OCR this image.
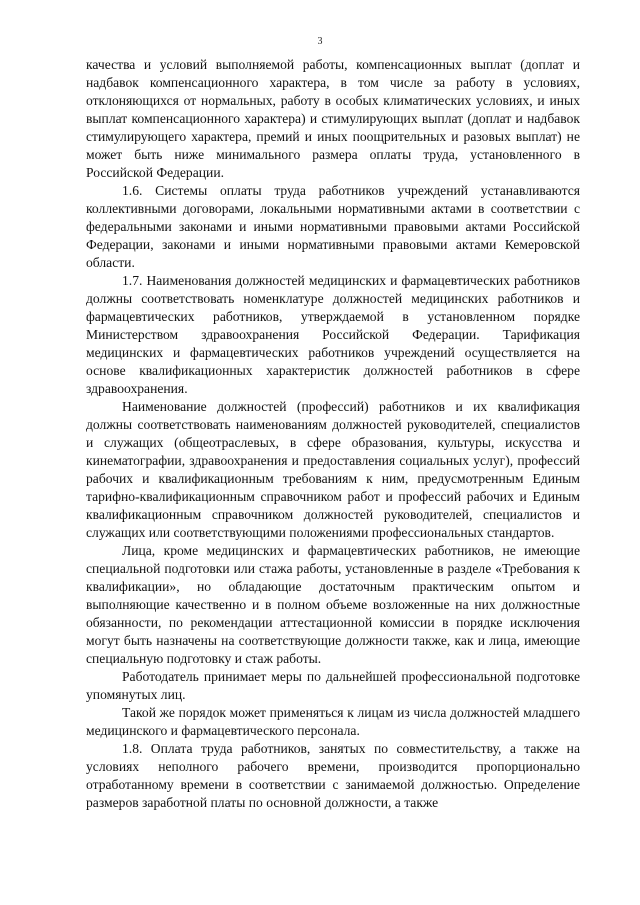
3

качества и условий выполняемой работы, компенсационных выплат (доплат и надбавок компенсационного характера, в том числе за работу в условиях, отклоняющихся от нормальных, работу в особых климатических условиях, и иных выплат компенсационного характера) и стимулирующих выплат (доплат и надбавок стимулирующего характера, премий и иных поощрительных и разовых выплат) не может быть ниже минимального размера оплаты труда, установленного в Российской Федерации.

1.6. Системы оплаты труда работников учреждений устанавливаются коллективными договорами, локальными нормативными актами в соответствии с федеральными законами и иными нормативными правовыми актами Российской Федерации, законами и иными нормативными правовыми актами Кемеровской области.

1.7. Наименования должностей медицинских и фармацевтических работников должны соответствовать номенклатуре должностей медицинских работников и фармацевтических работников, утверждаемой в установленном порядке Министерством здравоохранения Российской Федерации. Тарификация медицинских и фармацевтических работников учреждений осуществляется на основе квалификационных характеристик должностей работников в сфере здравоохранения.

Наименование должностей (профессий) работников и их квалификация должны соответствовать наименованиям должностей руководителей, специалистов и служащих (общеотраслевых, в сфере образования, культуры, искусства и кинематографии, здравоохранения и предоставления социальных услуг), профессий рабочих и квалификационным требованиям к ним, предусмотренным Единым тарифно-квалификационным справочником работ и профессий рабочих и Единым квалификационным справочником должностей руководителей, специалистов и служащих или соответствующими положениями профессиональных стандартов.

Лица, кроме медицинских и фармацевтических работников, не имеющие специальной подготовки или стажа работы, установленные в разделе «Требования к квалификации», но обладающие достаточным практическим опытом и выполняющие качественно и в полном объеме возложенные на них должностные обязанности, по рекомендации аттестационной комиссии в порядке исключения могут быть назначены на соответствующие должности также, как и лица, имеющие специальную подготовку и стаж работы.

Работодатель принимает меры по дальнейшей профессиональной подготовке упомянутых лиц.

Такой же порядок может применяться к лицам из числа должностей младшего медицинского и фармацевтического персонала.

1.8. Оплата труда работников, занятых по совместительству, а также на условиях неполного рабочего времени, производится пропорционально отработанному времени в соответствии с занимаемой должностью. Определение размеров заработной платы по основной должности, а также
